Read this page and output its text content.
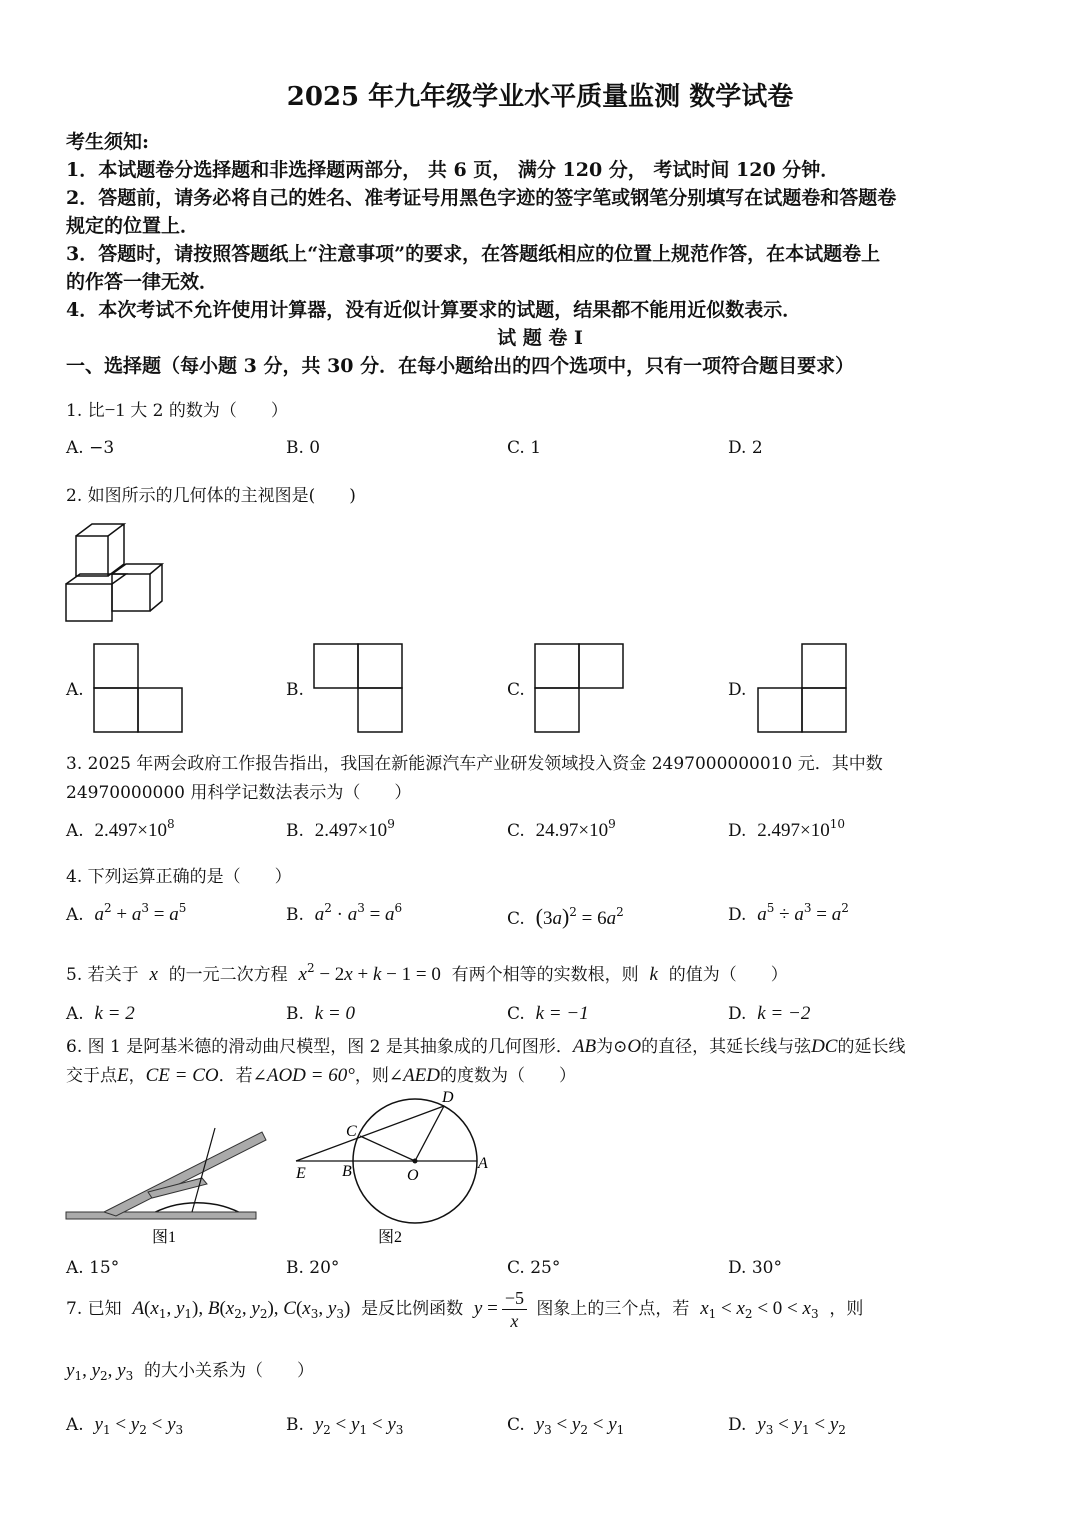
2025 年九年级学业水平质量监测 数学试卷
考生须知:
1．本试题卷分选择题和非选择题两部分， 共 6 页， 满分 120 分， 考试时间 120 分钟．
2．答题前，请务必将自己的姓名、准考证号用黑色字迹的签字笔或钢笔分别填写在试题卷和答题卷
规定的位置上．
3．答题时，请按照答题纸上“注意事项”的要求，在答题纸相应的位置上规范作答，在本试题卷上
的作答一律无效．
4．本次考试不允许使用计算器，没有近似计算要求的试题，结果都不能用近似数表示．
试 题 卷 I
一、选择题（每小题 3 分，共 30 分．在每小题给出的四个选项中，只有一项符合题目要求）
1. 比−1 大 2 的数为（　　）
A. −3	B. 0	C. 1	D. 2
2. 如图所示的几何体的主视图是(　　)
A.	B.	C.	D.
3. 2025 年两会政府工作报告指出，我国在新能源汽车产业研发领域投入资金 2497000000010 元．其中数
24970000000 用科学记数法表示为（　　）
A. $2.497\times 10^8$	B. $2.497\times 10^9$	C. $24.97\times 10^9$	D. $2.497\times 10^{10}$
4. 下列运算正确的是（　　）
A. $a^2 + a^3 = a^5$	B. $a^2 \cdot a^3 = a^6$
C. $(3a)^2 = 6a^2$	D. $a^5 \div a^3 = a^2$
5. 若关于 x 的一元二次方程 $x^2 - 2x + k - 1 = 0$ 有两个相等的实数根，则 k 的值为（　　）
A. k = 2	B. k = 0	C. k = −1	D. k = −2
6. 图 1 是阿基米德的滑动曲尺模型，图 2 是其抽象成的几何图形．AB为⊙O的直径，其延长线与弦DC的延长线
交于点E，CE = CO．若∠AOD = 60°，则∠AED的度数为（　　）
图1
D
C
E B	O
A
图2
A. 15°	B. 20°	C. 25°	D. 30°
7. 已知 $A(x_1$, $y_1$), $B(x_2$, $y_2$), $C(x_3$, $y_3$) 是反比例函数 $y = \frac{-5}{x}$ 图象上的三个点，若 $x_1 < x_2 < 0 < x_3$ ，则
$y_1$, $y_2$, $y_3$ 的大小关系为（　　）
A. $y_1 < y_2 < y_3$	B. $y_2 < y_1 < y_3$	C. $y_3 < y_2 < y_1$	D. $y_3 < y_1 < y_2$
